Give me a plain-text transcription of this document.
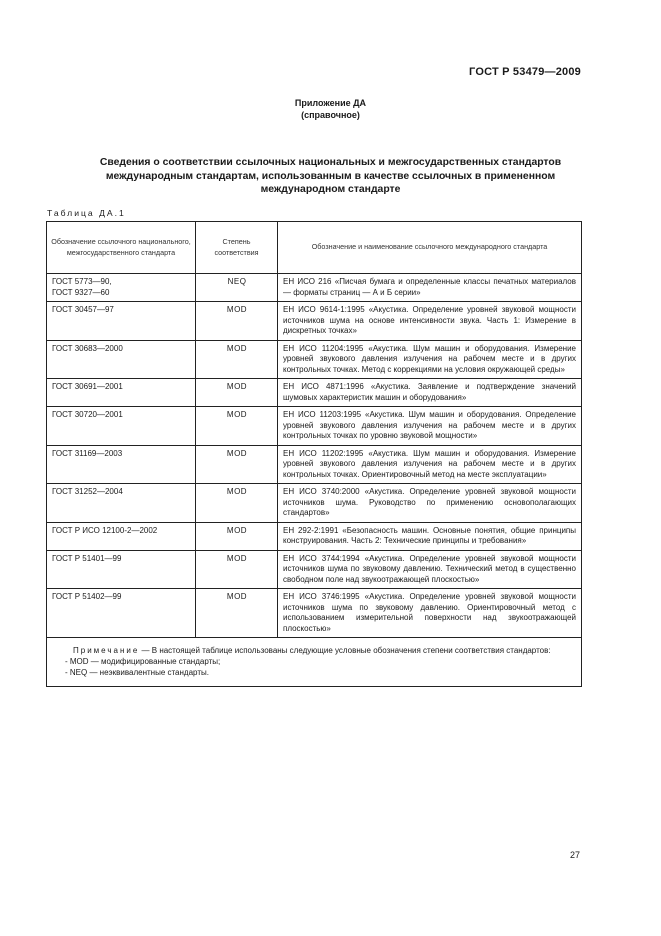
ГОСТ Р 53479—2009
Приложение ДА
(справочное)
Сведения о соответствии ссылочных национальных и межгосударственных стандартов
международным стандартам, использованным в качестве ссылочных в примененном
международном стандарте
Таблица ДА.1
Обозначение ссылочного национального, межгосударственного стандарта	Степень соответствия	Обозначение и наименование ссылочного международного стандарта
ГОСТ 5773—90,
ГОСТ 9327—60	NEQ	ЕН ИСО 216 «Писчая бумага и определенные классы печатных материалов — форматы страниц — А и Б серии»
ГОСТ 30457—97	MOD	ЕН ИСО 9614-1:1995 «Акустика. Определение уровней звуковой мощности источников шума на основе интенсивности звука. Часть 1: Измерение в дискретных точках»
ГОСТ 30683—2000	MOD	ЕН ИСО 11204:1995 «Акустика. Шум машин и оборудования. Измерение уровней звукового давления излучения на рабочем месте и в других контрольных точках. Метод с коррекциями на условия окружающей среды»
ГОСТ 30691—2001	MOD	ЕН ИСО 4871:1996 «Акустика. Заявление и подтверждение значений шумовых характеристик машин и оборудования»
ГОСТ 30720—2001	MOD	ЕН ИСО 11203:1995 «Акустика. Шум машин и оборудования. Определение уровней звукового давления излучения на рабочем месте и в других контрольных точках по уровню звуковой мощности»
ГОСТ 31169—2003	MOD	ЕН ИСО 11202:1995 «Акустика. Шум машин и оборудования. Измерение уровней звукового давления излучения на рабочем месте и в других контрольных точках. Ориентировочный метод на месте эксплуатации»
ГОСТ 31252—2004	MOD	ЕН ИСО 3740:2000 «Акустика. Определение уровней звуковой мощности источников шума. Руководство по применению основополагающих стандартов»
ГОСТ Р ИСО 12100-2—2002	MOD	ЕН 292-2:1991 «Безопасность машин. Основные понятия, общие принципы конструирования. Часть 2: Технические принципы и требования»
ГОСТ Р 51401—99	MOD	ЕН ИСО 3744:1994 «Акустика. Определение уровней звуковой мощности источников шума по звуковому давлению. Технический метод в существенно свободном поле над звукоотражающей плоскостью»
ГОСТ Р 51402—99	MOD	ЕН ИСО 3746:1995 «Акустика. Определение уровней звуковой мощности источников шума по звуковому давлению. Ориентировочный метод с использованием измерительной поверхности над звукоотражающей плоскостью»

Примечание — В настоящей таблице использованы следующие условные обозначения степени соответствия стандартов:
- MOD — модифицированные стандарты;
- NEQ — неэквивалентные стандарты.		
27
